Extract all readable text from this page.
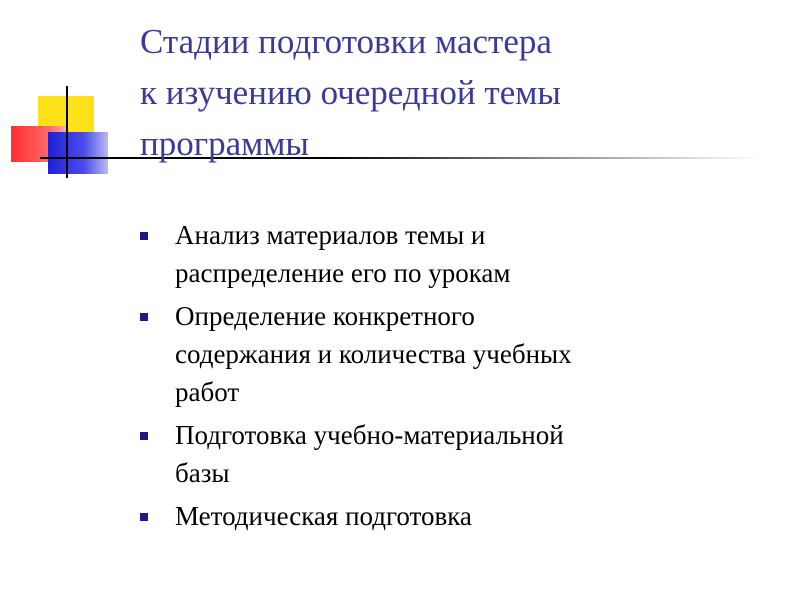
Стадии подготовки мастера
к изучению очередной темы
программы
Анализ материалов темы и
распределение его по урокам
Определение конкретного
содержания и количества учебных
работ
Подготовка учебно-материальной
базы
Методическая подготовка
